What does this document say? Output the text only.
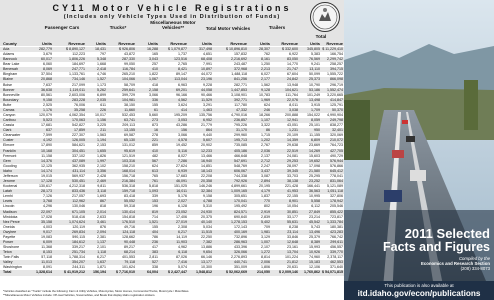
CY11 Motor Vehicle Registrations
(Includes only Vehicle Types Used in Distribution of Funds)
Passenger Cars	Trucks*
Miscellaneous Motor Vehicles**	Total Motor Vehicles	Trailers
Total
County	Units	Revenue	Units	Revenue	Units	Revenue	Units	Revenue	Units	Revenue	Units	Revenue
Ada	282,779	$ 8,890,127	18,431	$ 926,806	16,288	$ 1,079,877	317,498	$ 10,896,810	28,307	$ 332,600	345,805 $ 11,229,410
Adams	3,679	112,223	797	43,872	165	1,737	4,651	157,832	762	6,922	5,383	166,754
Bannock	60,017	1,806,226	5,348	287,330	3,043	123,516	68,408	2,216,692	8,161	83,050	76,569	2,299,742
Bear Lake	6,060	184,697	1,668	99,050	257	2,765	7,991	243,487	1,250	14,770	9,241	258,257
Benewah	8,069	247,771	2,418	116,784	410	8,421	10,897	372,968	2,213	21,747	13,110	394,715
Bingham	37,504	1,133,761	4,746	265,210	1,822	89,147	44,072	1,488,118	6,027	67,604	50,099	1,555,722
Blaine	20,868	734,146	1,527	104,066	1,067	113,044	23,196	841,256	2,177	24,842	25,373	866,098
Boise	7,637	217,099	1,173	58,709	418	6,963	9,228	282,771	1,562	13,948	10,790	296,719
Bonner	36,638	1,119,011	5,262	259,641	2,158	69,201	44,058	1,447,853	9,128	104,621	53,186	1,552,474
Bonneville	80,561	2,603,006	6,899	399,729	3,066	96,166	90,466	3,108,901	10,783	111,764	101,249	3,220,665
Boundary	9,158	283,228	2,035	104,981	336	4,562	11,529	392,771	1,969	22,076	13,498	414,847
Butte	2,525	76,006	611	38,150	155	3,624	3,291	117,780	624	8,011	3,915	125,791
Camas	1,176	35,258	226	11,660	61	414	1,463	47,332	246	3,038	1,709	50,370
Canyon	120,079	4,062,354	10,017	532,453	5,660	195,209	135,756	4,790,016	18,266	200,888	154,022	4,990,904
Caribou	5,523	170,063	1,156	63,741	273	3,053	6,952	236,857	1,107	12,941	8,059	249,798
Cassia	17,681	542,827	3,225	209,113	873	43,286	21,779	795,226	3,322	43,051	25,101	838,277
Clark	637	17,859	211	13,155	16	156	864	31,170	86	1,231	950	32,401
Clearwater	7,599	227,307	1,563	69,587	278	3,066	9,440	299,960	1,715	20,109	11,155	320,069
Custer	4,192	126,005	1,194	65,130	221	4,578	5,607	195,713	1,202	14,359	6,809	210,072
Elmore	17,890	584,621	2,153	131,012	859	19,452	20,902	735,085	2,767	29,638	23,669	764,723
Franklin	10,168	304,451	1,655	95,619	410	5,116	12,233	405,186	2,036	22,519	14,269	427,705
Fremont	11,158	337,102	1,826	121,519	482	8,027	13,466	466,648	2,137	24,081	15,603	490,729
Gem	14,376	437,089	1,997	103,316	567	7,286	16,940	547,691	2,712	29,253	19,652	576,944
Gooding	12,125	362,935	2,102	158,210	624	27,624	14,851	548,769	2,247	28,097	17,098	576,866
Idaho	14,174	431,114	3,356	168,014	613	6,939	18,143	606,067	3,437	39,345	21,580	645,412
Jefferson	19,015	569,937	2,428	156,718	765	17,683	22,208	744,338	3,087	33,703	25,295	778,041
Jerome	17,128	530,451	2,469	216,384	761	46,091	20,358	792,926	2,894	38,138	23,252	831,064
Kootenai	130,617	4,212,318	9,811	536,318	5,818	151,025	146,246	4,899,661	20,195	221,428	166,441	5,121,089
Latah	28,173	833,436	3,118	159,718	1,093	16,011	32,384	1,009,165	4,179	41,953	36,563	1,051,118
Lemhi	7,126	217,057	1,693	83,418	339	5,176	9,158	305,651	1,837	22,155	10,995	327,806
Lewis	3,768	112,962	867	55,052	153	2,027	4,788	170,041	770	8,901	5,558	178,942
Lincoln	4,296	130,046	818	59,318	196	6,128	5,310	195,492	802	10,054	6,112	205,546
Madison	22,097	671,105	2,014	130,414	819	23,052	24,930	824,571	2,919	30,851	27,849	855,422
Minidoka	17,028	518,416	2,633	154,818	714	17,406	20,375	690,640	2,839	33,177	23,214	723,817
Nez Perce	35,158	1,074,624	3,461	176,510	1,521	27,019	40,140	1,278,153	5,402	55,631	45,542	1,333,784
Oneida	4,003	120,119	876	49,716	155	2,308	5,034	172,143	709	8,238	5,743	180,381
Owyhee	9,017	269,834	2,094	124,118	404	6,217	11,515	400,169	1,981	23,114	13,496	423,283
Payette	19,083	590,115	2,381	128,662	786	14,119	22,250	732,896	3,129	33,846	25,379	766,742
Power	6,009	184,612	1,137	90,448	236	11,903	7,382	286,963	1,007	12,648	8,389	299,611
Shoshone	11,368	339,217	2,101	89,217	417	4,962	13,886	433,396	2,107	23,161	15,993	456,557
Teton	8,153	251,734	1,118	68,214	383	6,118	9,654	326,066	1,272	13,704	10,926	339,770
Twin Falls	57,118	1,788,314	6,217	401,553	2,811	87,026	66,146	2,276,893	8,814	101,224	74,960	2,378,117
Valley	11,013	354,207	1,637	79,118	527	7,416	13,177	440,741	2,006	21,812	15,183	462,553
Washington	8,091	244,311	1,871	101,624	338	5,074	10,300	351,009	1,806	20,631	12,106	371,640
Total	1,328,614	$ 41,919,212	156,194	$ 7,716,010	64,004	$ 2,427,447	1,548,812	$ 52,062,669	214,050	$ 2,009,146	1,760,862 $ 54,071,815
*Vehicles classified as "Trucks" include the following: Farm & Utility Vehicles, Motorcycles, Motor Homes, Commercial Trucks, Motorcycle / Motorbikes.
**Miscellaneous Motor Vehicles include: Off-road Vehicles, Snowmobiles, and Boats that display Idaho registration stickers.
2011 Selected
Facts and Figures
Compiled by the
Economics and Research Section
(208) 334-8073
This publication is also available at
itd.idaho.gov/econ/publications
